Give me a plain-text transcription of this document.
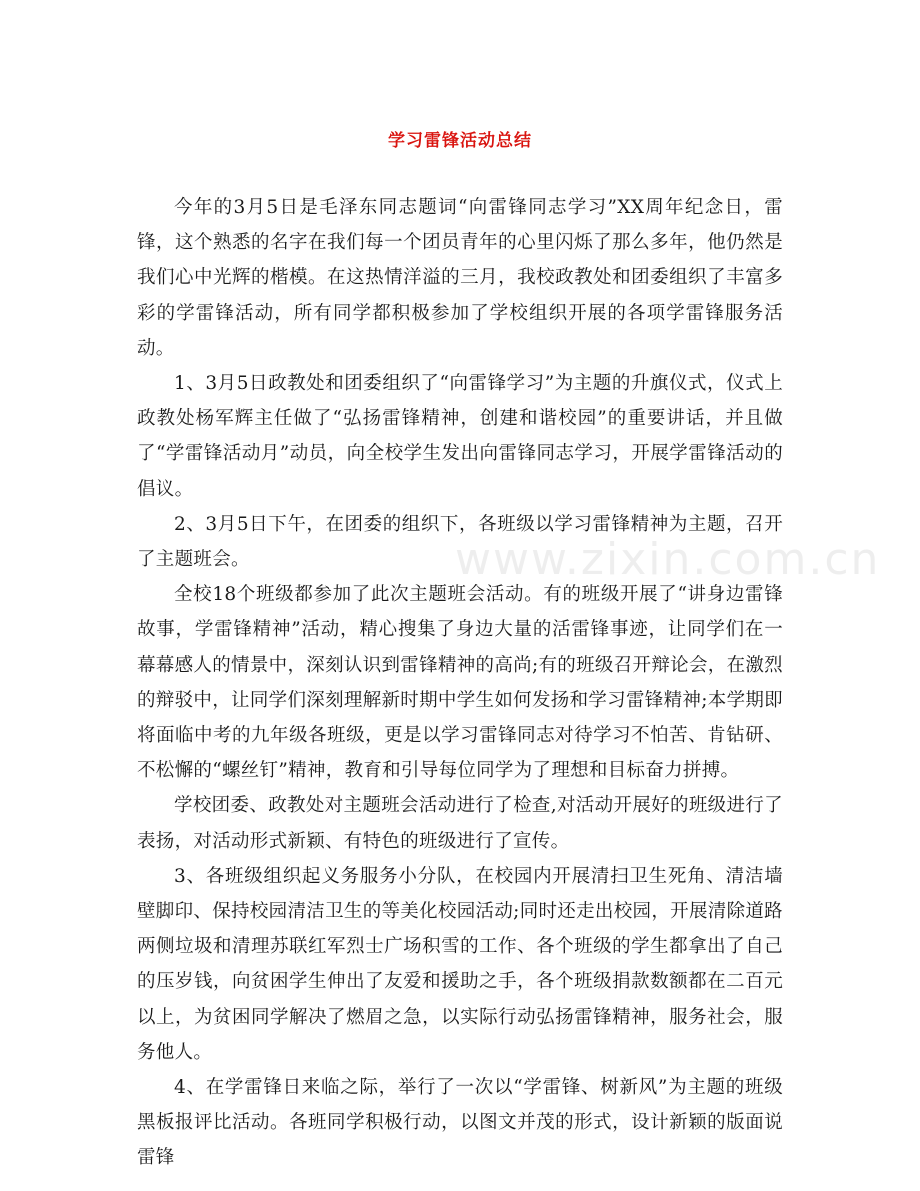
www.zixin.com.cn
学习雷锋活动总结

今年的3月5日是毛泽东同志题词“向雷锋同志学习”XX周年纪念日，雷锋，这个熟悉的名字在我们每一个团员青年的心里闪烁了那么多年，他仍然是我们心中光辉的楷模。在这热情洋溢的三月，我校政教处和团委组织了丰富多彩的学雷锋活动，所有同学都积极参加了学校组织开展的各项学雷锋服务活动。

1、3月5日政教处和团委组织了“向雷锋学习”为主题的升旗仪式，仪式上政教处杨军辉主任做了“弘扬雷锋精神，创建和谐校园”的重要讲话，并且做了“学雷锋活动月”动员，向全校学生发出向雷锋同志学习，开展学雷锋活动的倡议。

2、3月5日下午，在团委的组织下，各班级以学习雷锋精神为主题，召开了主题班会。

全校18个班级都参加了此次主题班会活动。有的班级开展了“讲身边雷锋故事，学雷锋精神”活动，精心搜集了身边大量的活雷锋事迹，让同学们在一幕幕感人的情景中，深刻认识到雷锋精神的高尚;有的班级召开辩论会，在激烈的辩驳中，让同学们深刻理解新时期中学生如何发扬和学习雷锋精神;本学期即将面临中考的九年级各班级，更是以学习雷锋同志对待学习不怕苦、肯钻研、不松懈的“螺丝钉”精神，教育和引导每位同学为了理想和目标奋力拼搏。

学校团委、政教处对主题班会活动进行了检查,对活动开展好的班级进行了表扬，对活动形式新颖、有特色的班级进行了宣传。

3、各班级组织起义务服务小分队，在校园内开展清扫卫生死角、清洁墙壁脚印、保持校园清洁卫生的等美化校园活动;同时还走出校园，开展清除道路两侧垃圾和清理苏联红军烈士广场积雪的工作、各个班级的学生都拿出了自己的压岁钱，向贫困学生伸出了友爱和援助之手，各个班级捐款数额都在二百元以上，为贫困同学解决了燃眉之急，以实际行动弘扬雷锋精神，服务社会，服务他人。

4、在学雷锋日来临之际，举行了一次以“学雷锋、树新风”为主题的班级黑板报评比活动。各班同学积极行动，以图文并茂的形式，设计新颖的版面说雷锋
